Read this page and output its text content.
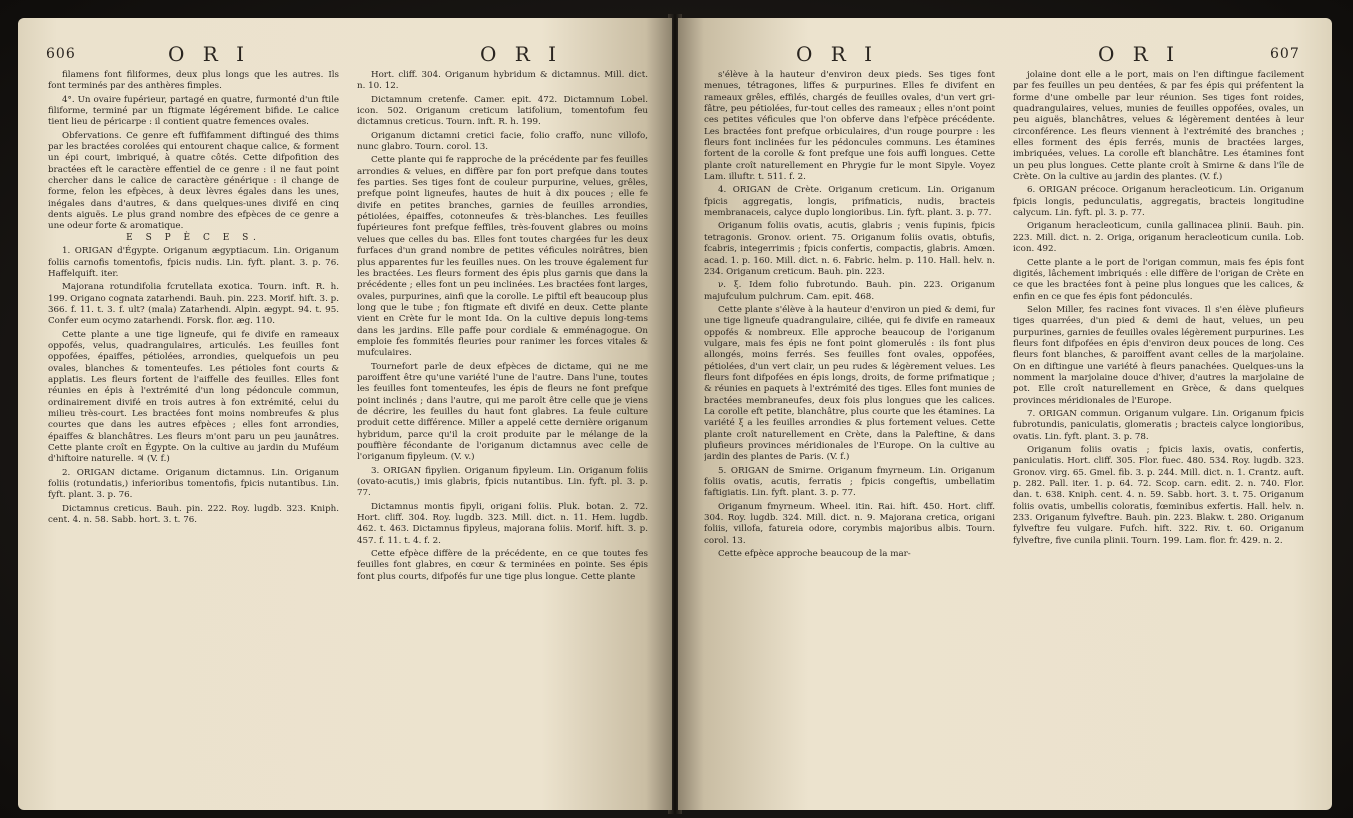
606	O R I	O R I

filamens font filiformes, deux plus longs que les autres. Ils font terminés par des anthères fimples.

4°. Un ovaire fupérieur, partagé en quatre, furmonté d'un ftile filiforme, terminé par un ftigmate légérement bifide. Le calice tient lieu de péricarpe : il contient quatre femences ovales.

Obfervations. Ce genre eft fuffifamment diftingué des thims par les bractées corolées qui entourent chaque calice, & forment un épi court, imbriqué, à quatre côtés. Cette difpofition des bractées eft le caractère effentiel de ce genre : il ne faut point chercher dans le calice de caractère générique : il change de forme, felon les efpèces, à deux lèvres égales dans les unes, inégales dans d'autres, & dans quelques-unes divifé en cinq dents aiguës. Le plus grand nombre des efpèces de ce genre a une odeur forte & aromatique.

E S P È C E S.

1. ORIGAN d'Égypte. Origanum ægyptiacum. Lin. Origanum foliis carnofis tomentofis, fpicis nudis. Lin. fyft. plant. 3. p. 76. Haffelquift. iter.

Majorana rotundifolia fcrutellata exotica. Tourn. inft. R. h. 199. Origano cognata zatarhendi. Bauh. pin. 223. Morif. hift. 3. p. 366. f. 11. t. 3. f. ult? (mala) Zatarhendi. Alpin. ægypt. 94. t. 95. Confer eum ocymo zatarhendi. Forsk. flor. æg. 110.

Cette plante a une tige ligneufe, qui fe divife en rameaux oppofés, velus, quadrangulaires, articulés. Les feuilles font oppofées, épaiffes, pétiolées, arrondies, quelquefois un peu ovales, blanches & tomenteufes. Les pétioles font courts & applatis. Les fleurs fortent de l'aiffelle des feuilles. Elles font réunies en épis à l'extrémité d'un long pédoncule commun, ordinairement divifé en trois autres à fon extrémité, celui du milieu très-court. Les bractées font moins nombreufes & plus courtes que dans les autres efpèces ; elles font arrondies, épaiffes & blanchâtres. Les fleurs m'ont paru un peu jaunâtres. Cette plante croît en Égypte. On la cultive au jardin du Muféum d'hiftoire naturelle. ♃ (V. f.)

2. ORIGAN dictame. Origanum dictamnus. Lin. Origanum foliis (rotundatis,) inferioribus tomentofis, fpicis nutantibus. Lin. fyft. plant. 3. p. 76.

Dictamnus creticus. Bauh. pin. 222. Roy. lugdb. 323. Kniph. cent. 4. n. 58. Sabb. hort. 3. t. 76.

Hort. cliff. 304. Origanum hybridum & dictamnus. Mill. dict. n. 10. 12.

Dictamnum cretenfe. Camer. epit. 472. Dictamnum Lobel. icon. 502. Origanum creticum latifolium, tomentofum feu dictamnus creticus. Tourn. inft. R. h. 199.

Origanum dictamni cretici facie, folio craffo, nunc villofo, nunc glabro. Tourn. corol. 13.

Cette plante qui fe rapproche de la précédente par fes feuilles arrondies & velues, en diffère par fon port prefque dans toutes fes parties. Ses tiges font de couleur purpurine, velues, grêles, prefque point ligneufes, hautes de huit à dix pouces ; elle fe divife en petites branches, garnies de feuilles arrondies, pétiolées, épaiffes, cotonneufes & très-blanches. Les feuilles fupérieures font prefque feffiles, très-fouvent glabres ou moins velues que celles du bas. Elles font toutes chargées fur les deux furfaces d'un grand nombre de petites véficules noirâtres, bien plus apparentes fur les feuilles nues. On les trouve également fur les bractées. Les fleurs forment des épis plus garnis que dans la précédente ; elles font un peu inclinées. Les bractées font larges, ovales, purpurines, ainfi que la corolle. Le piftil eft beaucoup plus long que le tube ; fon ftigmate eft divifé en deux. Cette plante vient en Crète fur le mont Ida. On la cultive depuis long-tems dans les jardins. Elle paffe pour cordiale & emménagogue. On emploie fes fommités fleuries pour ranimer les forces vitales & mufculaires.

Tournefort parle de deux efpèces de dictame, qui ne me paroiffent être qu'une variété l'une de l'autre. Dans l'une, toutes les feuilles font tomenteufes, les épis de fleurs ne font prefque point inclinés ; dans l'autre, qui me paroît être celle que je viens de décrire, les feuilles du haut font glabres. La feule culture produit cette différence. Miller a appelé cette dernière origanum hybridum, parce qu'il la croit produite par le mélange de la pouffière fécondante de l'origanum dictamnus avec celle de l'origanum fipyleum. (V. v.)

3. ORIGAN fipylien. Origanum fipyleum. Lin. Origanum foliis (ovato-acutis,) imis glabris, fpicis nutantibus. Lin. fyft. pl. 3. p. 77.

Dictamnus montis fipyli, origani foliis. Pluk. botan. 2. 72. Hort. cliff. 304. Roy. lugdb. 323. Mill. dict. n. 11. Hem. lugdb. 462. t. 463. Dictamnus fipyleus, majorana foliis. Morif. hift. 3. p. 457. f. 11. t. 4. f. 2.

Cette efpèce diffère de la précédente, en ce que toutes fes feuilles font glabres, en cœur & terminées en pointe. Ses épis font plus courts, difpofés fur une tige plus longue. Cette plante

O R I	O R I	607

s'élève à la hauteur d'environ deux pieds. Ses tiges font menues, tétragones, liffes & purpurines. Elles fe divifent en rameaux grêles, effilés, chargés de feuilles ovales, d'un vert gri-fâtre, peu pétiolées, fur-tout celles des rameaux ; elles n'ont point ces petites véficules que l'on obferve dans l'efpèce précédente. Les bractées font prefque orbiculaires, d'un rouge pourpre : les fleurs font inclinées fur les pédoncules communs. Les étamines fortent de la corolle & font prefque une fois auffi longues. Cette plante croît naturellement en Phrygie fur le mont Sipyle. Voyez Lam. illuftr. t. 511. f. 2.

4. ORIGAN de Crète. Origanum creticum. Lin. Origanum fpicis aggregatis, longis, prifmaticis, nudis, bracteis membranaceis, calyce duplo longioribus. Lin. fyft. plant. 3. p. 77.

Origanum foliis ovatis, acutis, glabris ; venis fupinis, fpicis tetragonis. Gronov. orient. 75. Origanum foliis ovatis, obtufis, fcabris, integerrimis ; fpicis confertis, compactis, glabris. Amœn. acad. 1. p. 160. Mill. dict. n. 6. Fabric. helm. p. 110. Hall. helv. n. 234. Origanum creticum. Bauh. pin. 223.

ν. ξ. Idem folio fubrotundo. Bauh. pin. 223. Origanum majufculum pulchrum. Cam. epit. 468.

Cette plante s'élève à la hauteur d'environ un pied & demi, fur une tige ligneufe quadrangulaire, ciliée, qui fe divife en rameaux oppofés & nombreux. Elle approche beaucoup de l'origanum vulgare, mais fes épis ne font point glomerulés : ils font plus allongés, moins ferrés. Ses feuilles font ovales, oppofées, pétiolées, d'un vert clair, un peu rudes & légèrement velues. Les fleurs font difpofées en épis longs, droits, de forme prifmatique ; & réunies en paquets à l'extrémité des tiges. Elles font munies de bractées membraneufes, deux fois plus longues que les calices. La corolle eft petite, blanchâtre, plus courte que les étamines. La variété ξ a les feuilles arrondies & plus fortement velues. Cette plante croît naturellement en Crète, dans la Paleftine, & dans plufieurs provinces méridionales de l'Europe. On la cultive au jardin des plantes de Paris. (V. f.)

5. ORIGAN de Smirne. Origanum fmyrneum. Lin. Origanum foliis ovatis, acutis, ferratis ; fpicis congeftis, umbellatim faftigiatis. Lin. fyft. plant. 3. p. 77.

Origanum fmyrneum. Wheel. itin. Rai. hift. 450. Hort. cliff. 304. Roy. lugdb. 324. Mill. dict. n. 9. Majorana cretica, origani foliis, villofa, fatureia odore, corymbis majoribus albis. Tourn. corol. 13.

Cette efpèce approche beaucoup de la mar-

jolaine dont elle a le port, mais on l'en diftingue facilement par fes feuilles un peu dentées, & par fes épis qui préfentent la forme d'une ombelle par leur réunion. Ses tiges font roides, quadrangulaires, velues, munies de feuilles oppofées, ovales, un peu aiguës, blanchâtres, velues & légèrement dentées à leur circonférence. Les fleurs viennent à l'extrémité des branches ; elles forment des épis ferrés, munis de bractées larges, imbriquées, velues. La corolle eft blanchâtre. Les étamines font un peu plus longues. Cette plante croît à Smirne & dans l'île de Crète. On la cultive au jardin des plantes. (V. f.)

6. ORIGAN précoce. Origanum heracleoticum. Lin. Origanum fpicis longis, pedunculatis, aggregatis, bracteis longitudine calycum. Lin. fyft. pl. 3. p. 77.

Origanum heracleoticum, cunila gallinacea plinii. Bauh. pin. 223. Mill. dict. n. 2. Origa, origanum heracleoticum cunila. Lob. icon. 492.

Cette plante a le port de l'origan commun, mais fes épis font digités, lâchement imbriqués : elle diffère de l'origan de Crète en ce que les bractées font à peine plus longues que les calices, & enfin en ce que fes épis font pédonculés.

Selon Miller, fes racines font vivaces. Il s'en élève plufieurs tiges quarrées, d'un pied & demi de haut, velues, un peu purpurines, garnies de feuilles ovales légèrement purpurines. Les fleurs font difpofées en épis d'environ deux pouces de long. Ces fleurs font blanches, & paroiffent avant celles de la marjolaine. On en diftingue une variété à fleurs panachées. Quelques-uns la nomment la marjolaine douce d'hiver, d'autres la marjolaine de pot. Elle croît naturellement en Grèce, & dans quelques provinces méridionales de l'Europe.

7. ORIGAN commun. Origanum vulgare. Lin. Origanum fpicis fubrotundis, paniculatis, glomeratis ; bracteis calyce longioribus, ovatis. Lin. fyft. plant. 3. p. 78.

Origanum foliis ovatis ; fpicis laxis, ovatis, confertis, paniculatis. Hort. cliff. 305. Flor. fuec. 480. 534. Roy. lugdb. 323. Gronov. virg. 65. Gmel. fib. 3. p. 244. Mill. dict. n. 1. Crantz. auft. p. 282. Pall. iter. 1. p. 64. 72. Scop. carn. edit. 2. n. 740. Flor. dan. t. 638. Kniph. cent. 4. n. 59. Sabb. hort. 3. t. 75. Origanum foliis ovatis, umbellis coloratis, fœminibus exfertis. Hall. helv. n. 233. Origanum fylveftre. Bauh. pin. 223. Blakw. t. 280. Origanum fylveftre feu vulgare. Fufch. hift. 322. Riv. t. 60. Origanum fylveftre, five cunila plinii. Tourn. 199. Lam. flor. fr. 429. n. 2.
